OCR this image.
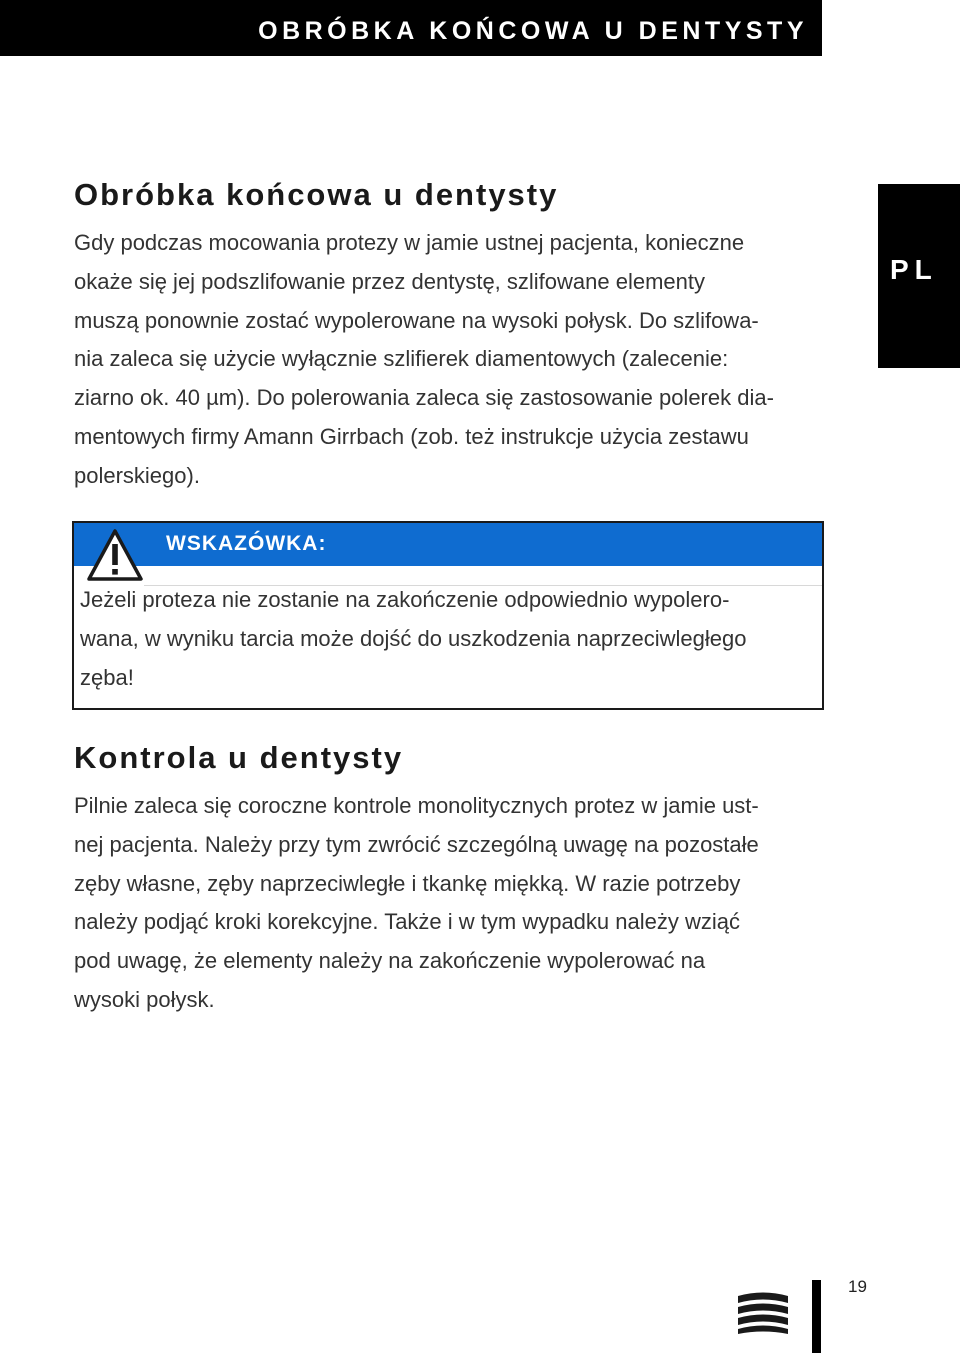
OBRÓBKA KOŃCOWA U DENTYSTY
PL
Obróbka końcowa u dentysty
Gdy podczas mocowania protezy w jamie ustnej pacjenta, konieczne
okaże się jej podszlifowanie przez dentystę, szlifowane elementy
muszą ponownie zostać wypolerowane na wysoki połysk. Do szlifowa-
nia zaleca się użycie wyłącznie szlifierek diamentowych (zalecenie:
ziarno ok. 40 µm). Do polerowania zaleca się zastosowanie polerek dia-
mentowych firmy Amann Girrbach (zob. też instrukcje użycia zestawu
polerskiego).
WSKAZÓWKA:
Jeżeli proteza nie zostanie na zakończenie odpowiednio wypolero-
wana, w wyniku tarcia może dojść do uszkodzenia naprzeciwległego
zęba!
Kontrola u dentysty
Pilnie zaleca się coroczne kontrole monolitycznych protez w jamie ust-
nej pacjenta. Należy przy tym zwrócić szczególną uwagę na pozostałe
zęby własne, zęby naprzeciwległe i tkankę miękką. W razie potrzeby
należy podjąć kroki korekcyjne. Także i w tym wypadku należy wziąć
pod uwagę, że elementy należy na zakończenie wypolerować na
wysoki połysk.
19
